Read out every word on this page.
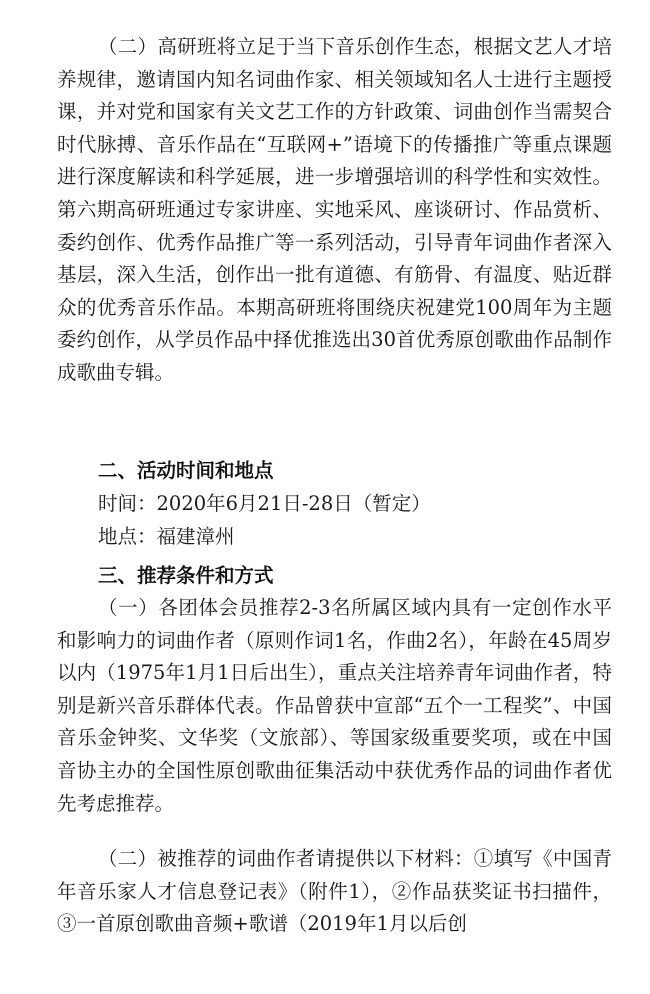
（二）高研班将立足于当下音乐创作生态，根据文艺人才培养规律，邀请国内知名词曲作家、相关领域知名人士进行主题授课，并对党和国家有关文艺工作的方针政策、词曲创作当需契合时代脉搏、音乐作品在“互联网+”语境下的传播推广等重点课题进行深度解读和科学延展，进一步增强培训的科学性和实效性。第六期高研班通过专家讲座、实地采风、座谈研讨、作品赏析、委约创作、优秀作品推广等一系列活动，引导青年词曲作者深入基层，深入生活，创作出一批有道德、有筋骨、有温度、贴近群众的优秀音乐作品。本期高研班将围绕庆祝建党100周年为主题委约创作，从学员作品中择优推选出30首优秀原创歌曲作品制作成歌曲专辑。

二、活动时间和地点
时间：2020年6月21日-28日（暂定）
地点：福建漳州
三、推荐条件和方式

（一）各团体会员推荐2-3名所属区域内具有一定创作水平和影响力的词曲作者（原则作词1名，作曲2名），年龄在45周岁以内（1975年1月1日后出生），重点关注培养青年词曲作者，特别是新兴音乐群体代表。作品曾获中宣部“五个一工程奖”、中国音乐金钟奖、文华奖（文旅部）、等国家级重要奖项，或在中国音协主办的全国性原创歌曲征集活动中获优秀作品的词曲作者优先考虑推荐。

（二）被推荐的词曲作者请提供以下材料：①填写《中国青年音乐家人才信息登记表》（附件1），②作品获奖证书扫描件，③一首原创歌曲音频+歌谱（2019年1月以后创
